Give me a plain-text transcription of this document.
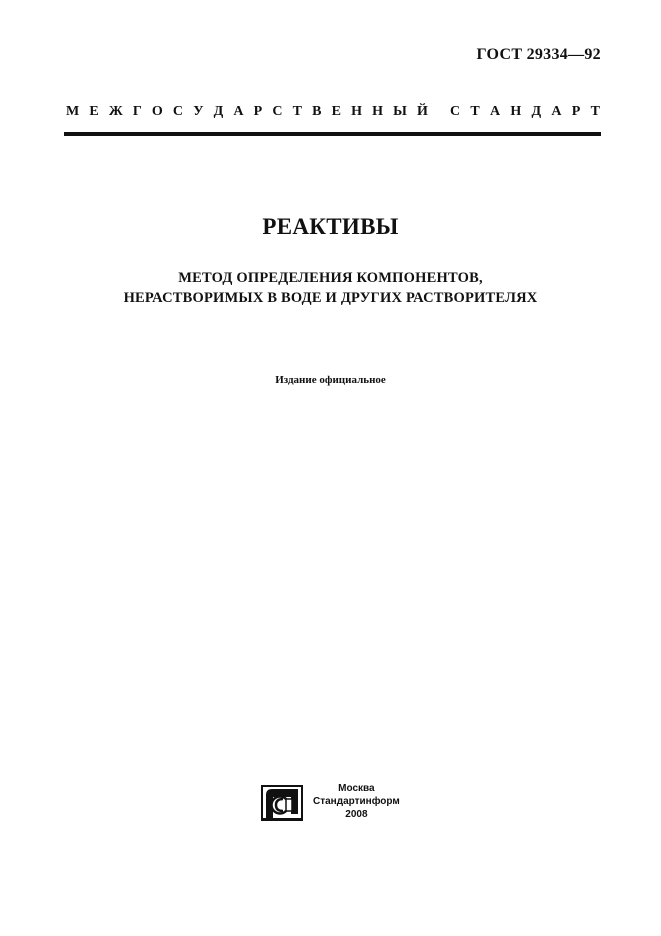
ГОСТ 29334—92
М Е Ж Г О С У Д А Р С Т В Е Н Н Ы Й С Т А Н Д А Р Т
РЕАКТИВЫ
МЕТОД ОПРЕДЕЛЕНИЯ КОМПОНЕНТОВ,
НЕРАСТВОРИМЫХ В ВОДЕ И ДРУГИХ РАСТВОРИТЕЛЯХ
Издание официальное
Москва
Стандартинформ
2008
